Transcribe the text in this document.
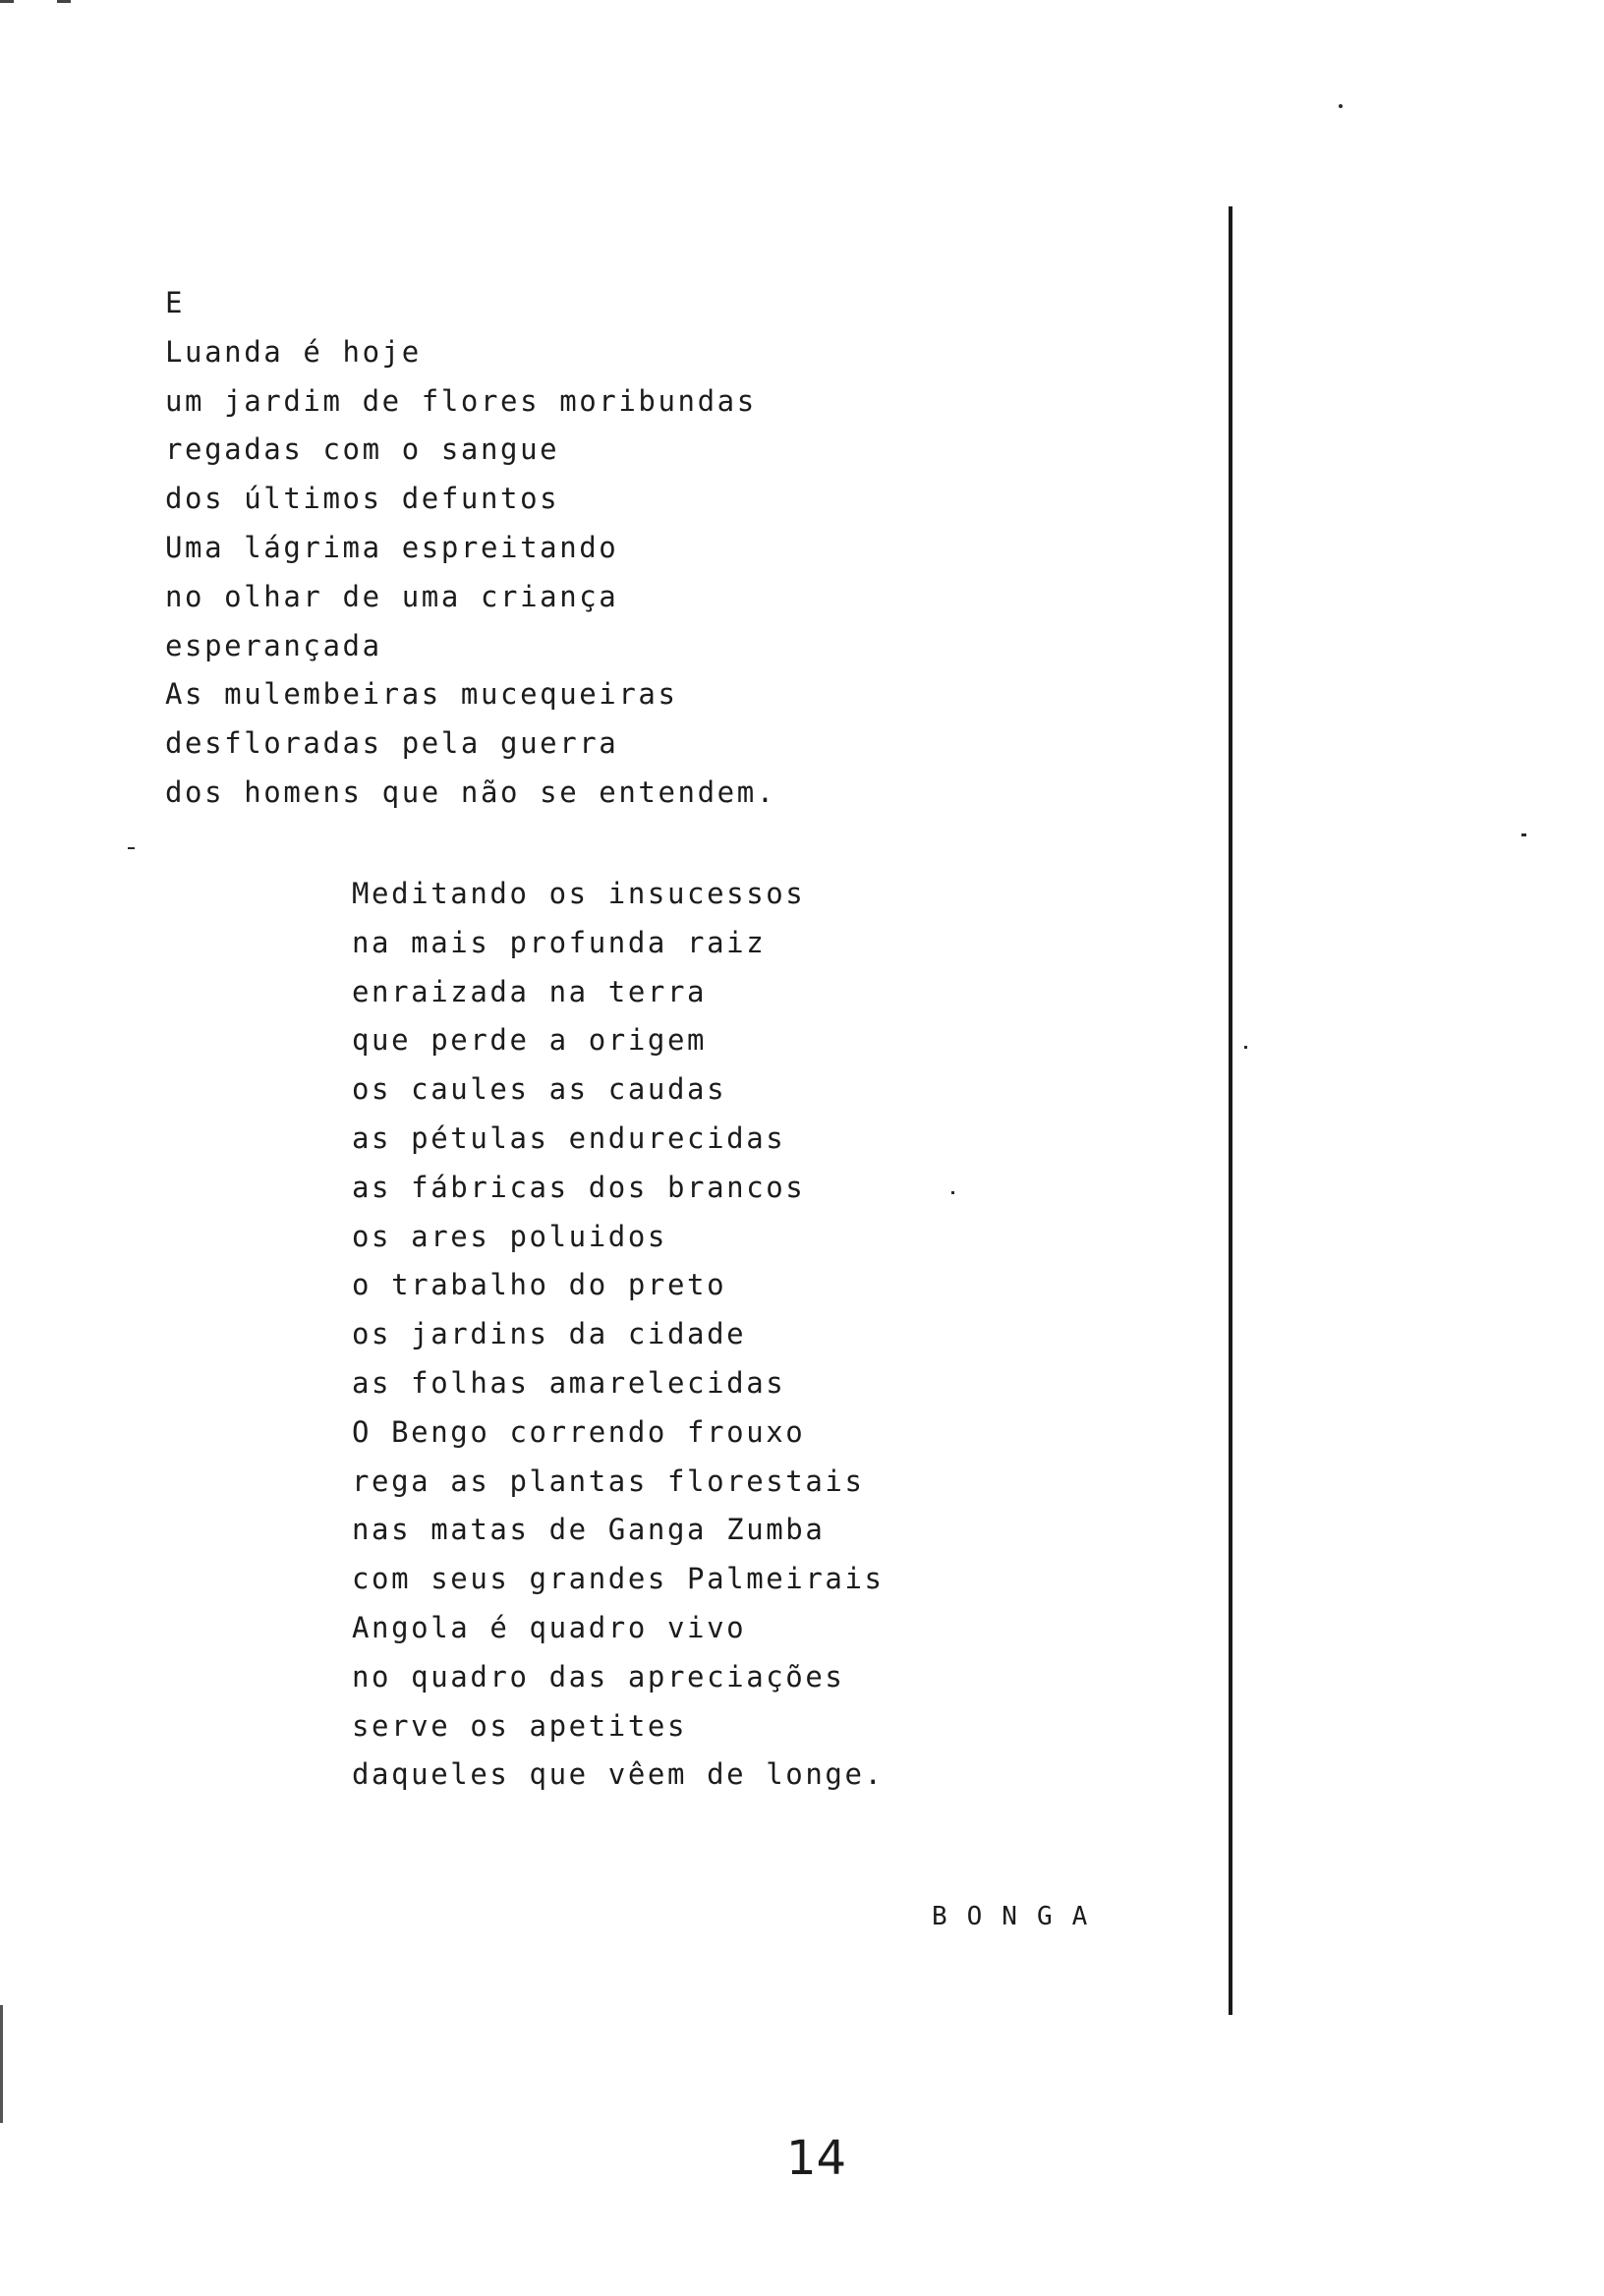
E
Luanda é hoje
um jardim de flores moribundas
regadas com o sangue
dos últimos defuntos
Uma lágrima espreitando
no olhar de uma criança
esperançada
As mulembeiras mucequeiras
desfloradas pela guerra
dos homens que não se entendem.
Meditando os insucessos
na mais profunda raiz
enraizada na terra
que perde a origem
os caules as caudas
as pétulas endurecidas
as fábricas dos brancos
os ares poluidos
o trabalho do preto
os jardins da cidade
as folhas amarelecidas
O Bengo correndo frouxo
rega as plantas florestais
nas matas de Ganga Zumba
com seus grandes Palmeirais
Angola é quadro vivo
no quadro das apreciações
serve os apetites
daqueles que vêem de longe.
BONGA
14
